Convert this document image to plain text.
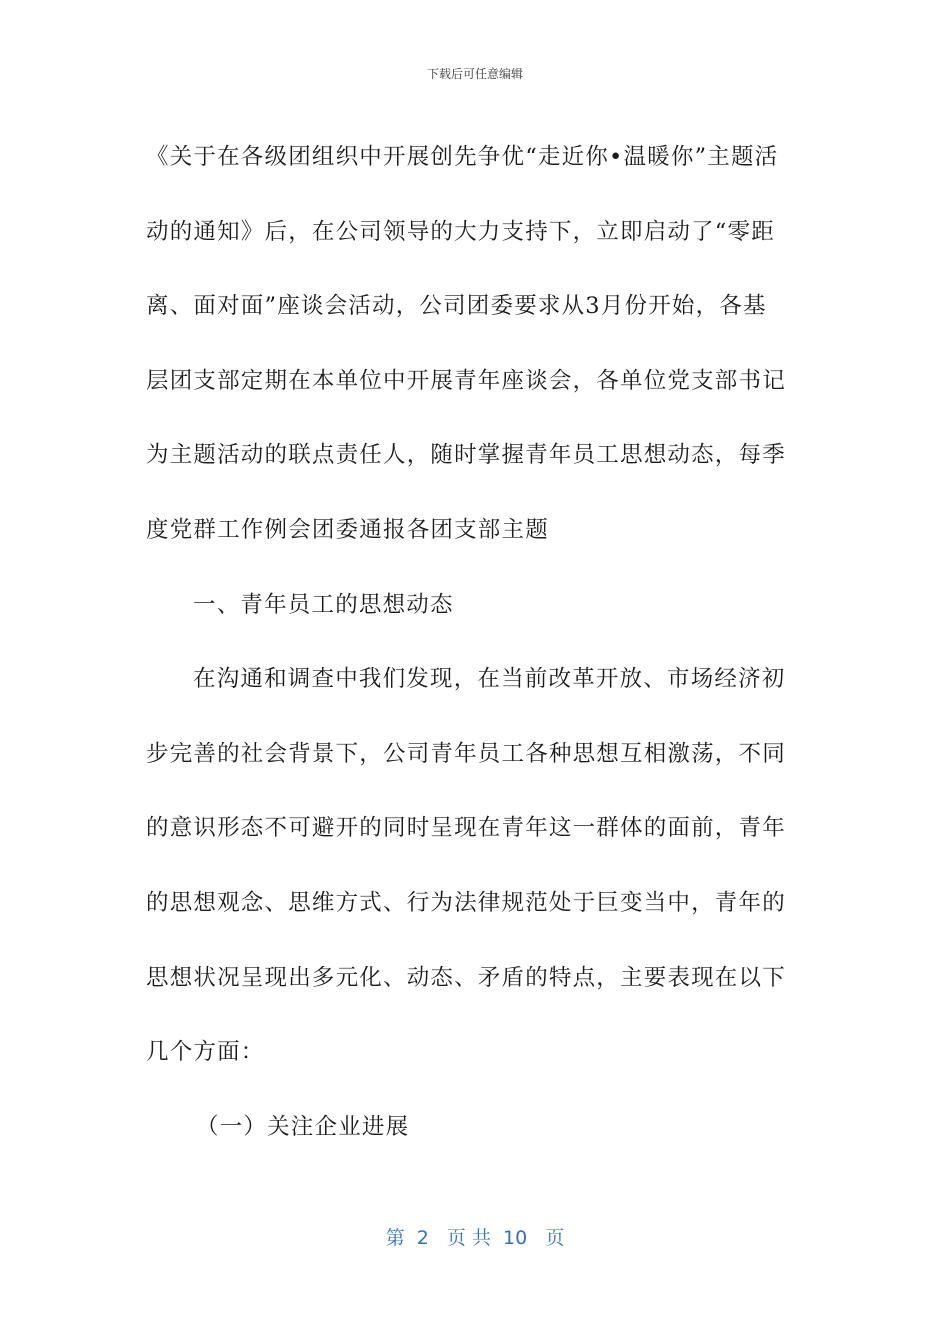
下载后可任意编辑
《关于在各级团组织中开展创先争优“走近你•温暖你”主题活
动的通知》后，在公司领导的大力支持下，立即启动了“零距
离、面对面”座谈会活动，公司团委要求从3月份开始，各基
层团支部定期在本单位中开展青年座谈会，各单位党支部书记
为主题活动的联点责任人，随时掌握青年员工思想动态，每季
度党群工作例会团委通报各团支部主题
一、青年员工的思想动态
在沟通和调查中我们发现，在当前改革开放、市场经济初
步完善的社会背景下，公司青年员工各种思想互相激荡，不同
的意识形态不可避开的同时呈现在青年这一群体的面前，青年
的思想观念、思维方式、行为法律规范处于巨变当中，青年的
思想状况呈现出多元化、动态、矛盾的特点，主要表现在以下
几个方面：
（一）关注企业进展
第  2   页 共  10   页
